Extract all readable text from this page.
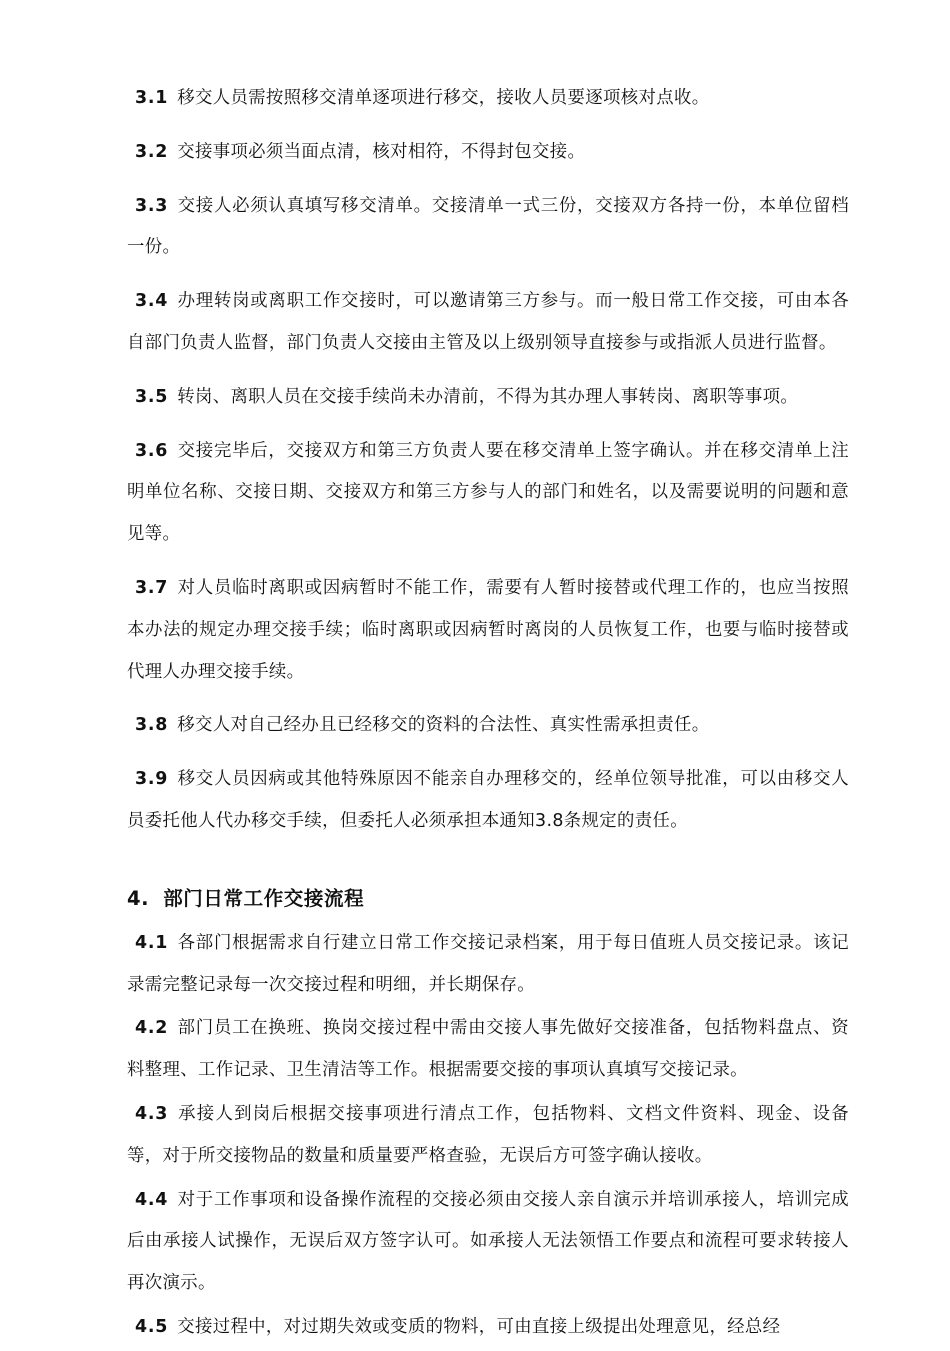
3.1 移交人员需按照移交清单逐项进行移交，接收人员要逐项核对点收。

3.2 交接事项必须当面点清，核对相符，不得封包交接。

3.3 交接人必须认真填写移交清单。交接清单一式三份，交接双方各持一份，本单位留档一份。

3.4 办理转岗或离职工作交接时，可以邀请第三方参与。而一般日常工作交接，可由本各自部门负责人监督，部门负责人交接由主管及以上级别领导直接参与或指派人员进行监督。

3.5 转岗、离职人员在交接手续尚未办清前，不得为其办理人事转岗、离职等事项。

3.6 交接完毕后，交接双方和第三方负责人要在移交清单上签字确认。并在移交清单上注明单位名称、交接日期、交接双方和第三方参与人的部门和姓名，以及需要说明的问题和意见等。

3.7 对人员临时离职或因病暂时不能工作，需要有人暂时接替或代理工作的，也应当按照本办法的规定办理交接手续；临时离职或因病暂时离岗的人员恢复工作，也要与临时接替或代理人办理交接手续。

3.8 移交人对自己经办且已经移交的资料的合法性、真实性需承担责任。

3.9 移交人员因病或其他特殊原因不能亲自办理移交的，经单位领导批准，可以由移交人员委托他人代办移交手续，但委托人必须承担本通知3.8条规定的责任。

4. 部门日常工作交接流程

4.1 各部门根据需求自行建立日常工作交接记录档案，用于每日值班人员交接记录。该记录需完整记录每一次交接过程和明细，并长期保存。

4.2 部门员工在换班、换岗交接过程中需由交接人事先做好交接准备，包括物料盘点、资料整理、工作记录、卫生清洁等工作。根据需要交接的事项认真填写交接记录。

4.3 承接人到岗后根据交接事项进行清点工作，包括物料、文档文件资料、现金、设备等，对于所交接物品的数量和质量要严格查验，无误后方可签字确认接收。

4.4 对于工作事项和设备操作流程的交接必须由交接人亲自演示并培训承接人，培训完成后由承接人试操作，无误后双方签字认可。如承接人无法领悟工作要点和流程可要求转接人再次演示。

4.5 交接过程中，对过期失效或变质的物料，可由直接上级提出处理意见，经总经
